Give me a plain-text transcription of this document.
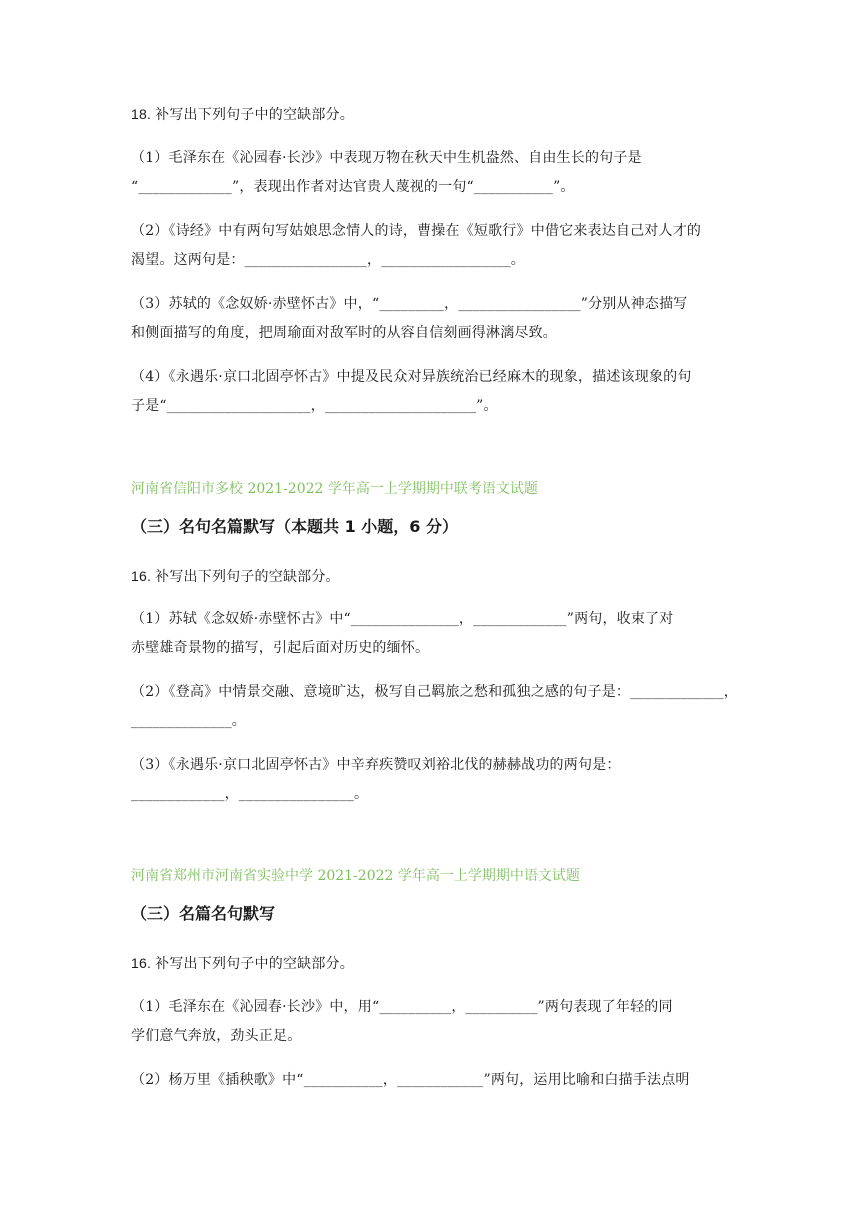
18. 补写出下列句子中的空缺部分。
（1）毛泽东在《沁园春·长沙》中表现万物在秋天中生机盎然、自由生长的句子是
“_____________”，表现出作者对达官贵人蔑视的一句“___________”。
（2）《诗经》中有两句写姑娘思念情人的诗，曹操在《短歌行》中借它来表达自己对人才的
渴望。这两句是：_________________，__________________。
（3）苏轼的《念奴娇·赤壁怀古》中，“_________，_________________”分别从神态描写
和侧面描写的角度，把周瑜面对敌军时的从容自信刻画得淋漓尽致。
（4）《永遇乐·京口北固亭怀古》中提及民众对异族统治已经麻木的现象，描述该现象的句
子是“____________________，_____________________”。
河南省信阳市多校 2021-2022 学年高一上学期期中联考语文试题
（三）名句名篇默写（本题共 1 小题，6 分）
16. 补写出下列句子的空缺部分。
（1）苏轼《念奴娇·赤壁怀古》中“_______________，_____________”两句，收束了对
赤壁雄奇景物的描写，引起后面对历史的缅怀。
（2）《登高》中情景交融、意境旷达，极写自己羁旅之愁和孤独之感的句子是：_____________，
______________。
（3）《永遇乐·京口北固亭怀古》中辛弃疾赞叹刘裕北伐的赫赫战功的两句是：
_____________，________________。
河南省郑州市河南省实验中学 2021-2022 学年高一上学期期中语文试题
（三）名篇名句默写
16. 补写出下列句子中的空缺部分。
（1）毛泽东在《沁园春·长沙》中，用“__________，__________”两句表现了年轻的同
学们意气奔放，劲头正足。
（2）杨万里《插秧歌》中“___________，____________”两句，运用比喻和白描手法点明
